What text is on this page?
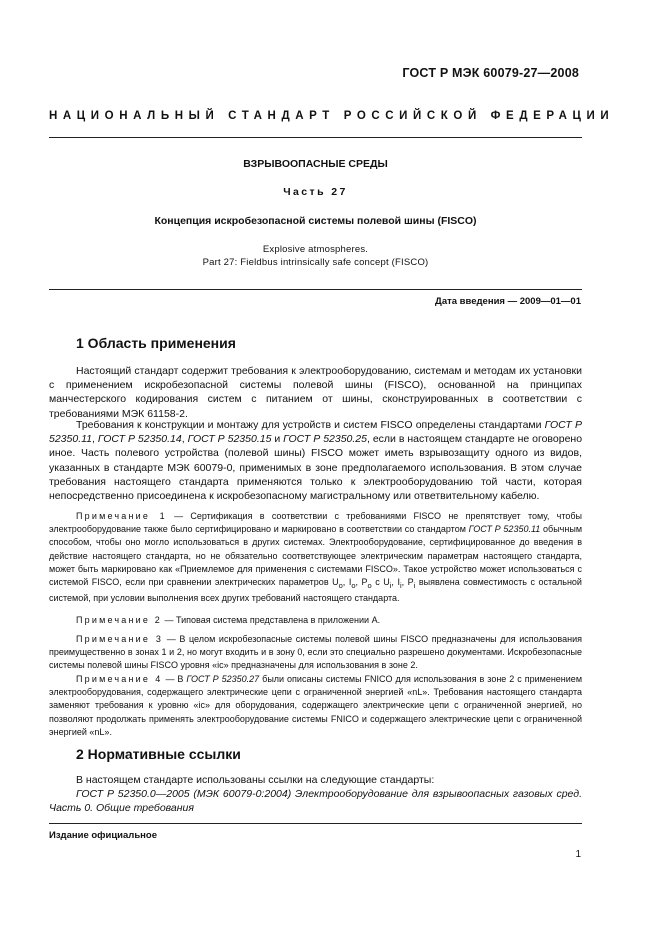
ГОСТ Р МЭК 60079-27—2008
НАЦИОНАЛЬНЫЙ СТАНДАРТ РОССИЙСКОЙ ФЕДЕРАЦИИ
ВЗРЫВООПАСНЫЕ СРЕДЫ
Часть 27
Концепция искробезопасной системы полевой шины (FISCO)
Explosive atmospheres.
Part 27: Fieldbus intrinsically safe concept (FISCO)
Дата введения — 2009—01—01
1 Область применения
Настоящий стандарт содержит требования к электрооборудованию, системам и методам их установки с применением искробезопасной системы полевой шины (FISCO), основанной на принципах манчестерского кодирования систем с питанием от шины, сконструированных в соответствии с требованиями МЭК 61158-2.
Требования к конструкции и монтажу для устройств и систем FISCO определены стандартами ГОСТ Р 52350.11, ГОСТ Р 52350.14, ГОСТ Р 52350.15 и ГОСТ Р 52350.25, если в настоящем стандарте не оговорено иное. Часть полевого устройства (полевой шины) FISCO может иметь взрывозащиту одного из видов, указанных в стандарте МЭК 60079-0, применимых в зоне предполагаемого использования. В этом случае требования настоящего стандарта применяются только к электрооборудованию той части, которая непосредственно присоединена к искробезопасному магистральному или ответвительному кабелю.
Примечание 1 — Сертификация в соответствии с требованиями FISCO не препятствует тому, чтобы электрооборудование также было сертифицировано и маркировано в соответствии со стандартом ГОСТ Р 52350.11 обычным способом, чтобы оно могло использоваться в других системах. Электрооборудование, сертифицированное до введения в действие настоящего стандарта, но не обязательно соответствующее электрическим параметрам настоящего стандарта, может быть маркировано как «Приемлемое для применения с системами FISCO». Такое устройство может использоваться с системой FISCO, если при сравнении электрических параметров $U_o$, $I_o$, $P_o$ с $U_i$, $I_i$, $P_i$ выявлена совместимость с остальной системой, при условии выполнения всех других требований настоящего стандарта.
Примечание 2 — Типовая система представлена в приложении А.
Примечание 3 — В целом искробезопасные системы полевой шины FISCO предназначены для использования преимущественно в зонах 1 и 2, но могут входить и в зону 0, если это специально разрешено документами. Искробезопасные системы полевой шины FISCO уровня «ic» предназначены для использования в зоне 2.
Примечание 4 — В ГОСТ Р 52350.27 были описаны системы FNICO для использования в зоне 2 с применением электрооборудования, содержащего электрические цепи с ограниченной энергией «nL». Требования настоящего стандарта заменяют требования к уровню «ic» для оборудования, содержащего электрические цепи с ограниченной энергией, но позволяют продолжать применять электрооборудование системы FNICO и содержащего электрические цепи с ограниченной энергией «nL».
2 Нормативные ссылки
В настоящем стандарте использованы ссылки на следующие стандарты:
ГОСТ Р 52350.0—2005 (МЭК 60079-0:2004) Электрооборудование для взрывоопасных газовых сред. Часть 0. Общие требования
Издание официальное
1
